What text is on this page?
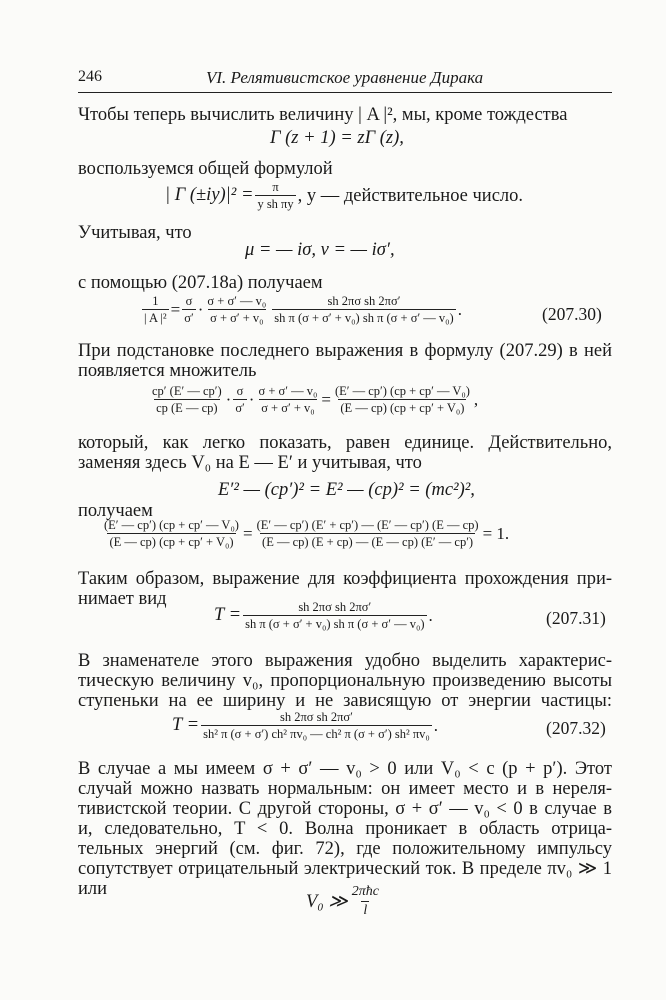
246	VI. Релятивистское уравнение Дирака
Чтобы теперь вычислить величину | A |², мы, кроме тождества
Γ (z + 1) = zΓ (z),
воспользуемся общей формулой
| Γ $(\pm iy)|^2 = \frac{\pi}{\text{y sh πy}}$ , y — действительное число.
Учитывая, что
μ = — iσ, ν = — iσ′,
с помощью (207.18a) получаем
$\frac{1}{\text{| A |²}} = \frac{\sigma}{\sigma'} \cdot \frac{\text{σ + σ′ — v₀}}{\text{σ + σ′ + v₀}} \frac{\text{sh 2πσ sh 2πσ′}}{\text{sh π (σ + σ′ + v₀) sh π (σ + σ′ — v₀)}}$ .	(207.30)
При подстановке последнего выражения в формулу (207.29) в ней
появляется множитель
$\frac{cp' (E' — cp')}{cp (E — cp)} \cdot \frac{\sigma}{\sigma'} \cdot \frac{\text{σ + σ′ — v₀}}{\text{σ + σ′ + v₀}} = \frac{\text{(E′ — cp′) (cp + cp′ — V₀)}}{\text{(E — cp) (cp + cp′ + V₀)}}$ ,
который, как легко показать, равен единице. Действительно,
заменяя здесь V₀ на E — E′ и учитывая, что
E′² — (cp′)² = E² — (cp)² = (mc²)²,
получаем
$\frac{\text{(E′ — cp′) (cp + cp′ — V₀)}}{\text{(E — cp) (cp + cp′ + V₀)}} = \frac{(E' — cp') (E' + cp') — (E' — cp') (E — cp)}{(E — cp) (E + cp) — (E — cp) (E' — cp')} = 1$.
Таким образом, выражение для коэффициента прохождения при-
нимает вид
$T = \frac{\text{sh 2πσ sh 2πσ′}}{\text{sh π (σ + σ′ + v₀) sh π (σ + σ′ — v₀)}}$ .	(207.31)
В знаменателе этого выражения удобно выделить характерис-
тическую величину v₀, пропорциональную произведению высоты
ступеньки на ее ширину и не зависящую от энергии частицы:
$T = \frac{\text{sh 2πσ sh 2πσ′}}{\text{sh² π (σ + σ′) ch² πv₀ — ch² π (σ + σ′) sh² πv₀}}$ .	(207.32)
В случае a мы имеем σ + σ′ — v₀ > 0 или V₀ < c (p + p′). Этот
случай можно назвать нормальным: он имеет место и в нереля-
тивистской теории. С другой стороны, σ + σ′ — v₀ < 0 в случае в
и, следовательно, T < 0. Волна проникает в область отрица-
тельных энергий (см. фиг. 72), где положительному импульсу
сопутствует отрицательный электрический ток. В пределе πv₀ ≫ 1
или
V₀ ≫ $\frac{\text{2πħc}}{l}$
